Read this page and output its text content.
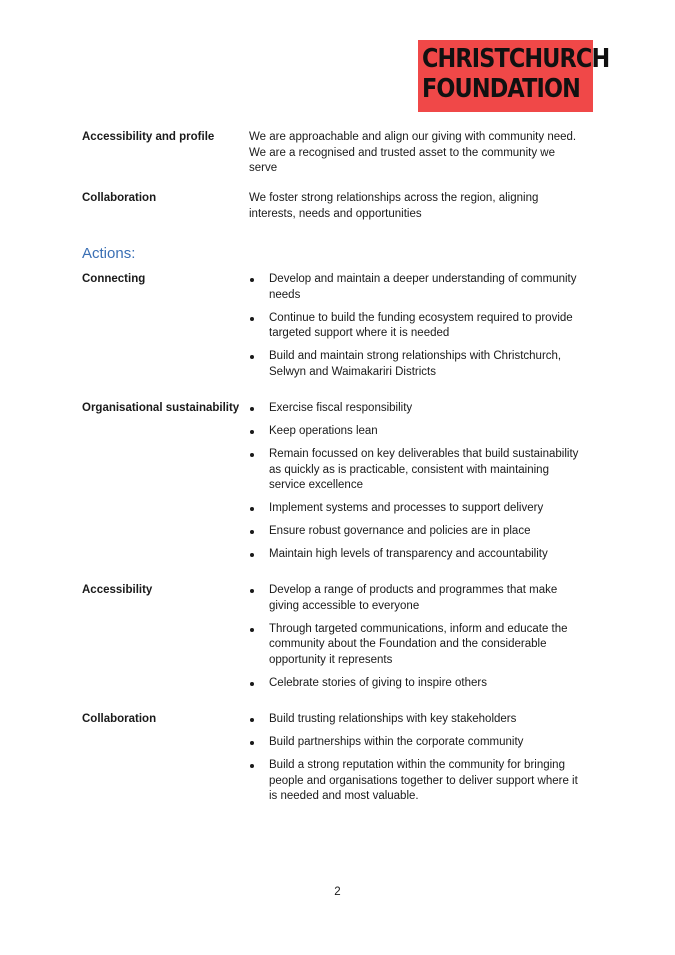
CHRISTCHURCH
FOUNDATION
Accessibility and profile	We are approachable and align our giving with community need. We are a recognised and trusted asset to the community we serve
Collaboration	We foster strong relationships across the region, aligning interests, needs and opportunities
Actions:
Connecting	Develop and maintain a deeper understanding of community needs
Continue to build the funding ecosystem required to provide targeted support where it is needed
Build and maintain strong relationships with Christchurch, Selwyn and Waimakariri Districts
Organisational sustainability	Exercise fiscal responsibility
Keep operations lean
Remain focussed on key deliverables that build sustainability as quickly as is practicable, consistent with maintaining service excellence
Implement systems and processes to support delivery
Ensure robust governance and policies are in place
Maintain high levels of transparency and accountability
Accessibility	Develop a range of products and programmes that make giving accessible to everyone
Through targeted communications, inform and educate the community about the Foundation and the considerable opportunity it represents
Celebrate stories of giving to inspire others
Collaboration	Build trusting relationships with key stakeholders
Build partnerships within the corporate community
Build a strong reputation within the community for bringing people and organisations together to deliver support where it is needed and most valuable.
2
